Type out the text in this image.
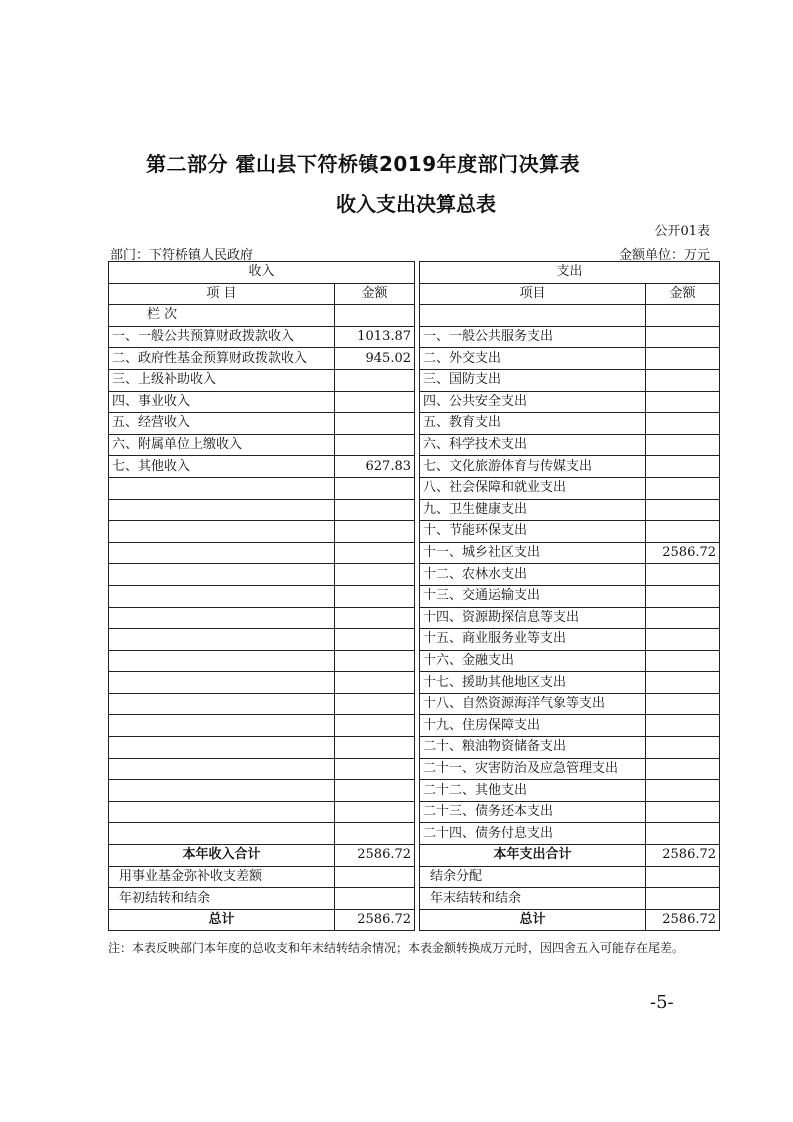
第二部分 霍山县下符桥镇2019年度部门决算表
收入支出决算总表
公开01表
部门：下符桥镇人民政府	金额单位：万元
收入			支出	
项 目	金额		项目	金额
栏 次				
一、一般公共预算财政拨款收入	1013.87		一、一般公共服务支出	
二、政府性基金预算财政拨款收入	945.02		二、外交支出	
三、上级补助收入			三、国防支出	
四、事业收入			四、公共安全支出	
五、经营收入			五、教育支出	
六、附属单位上缴收入			六、科学技术支出	
七、其他收入	627.83		七、文化旅游体育与传媒支出	
			八、社会保障和就业支出	
			九、卫生健康支出	
			十、节能环保支出	
			十一、城乡社区支出	2586.72
			十二、农林水支出	
			十三、交通运输支出	
			十四、资源勘探信息等支出	
			十五、商业服务业等支出	
			十六、金融支出	
			十七、援助其他地区支出	
			十八、自然资源海洋气象等支出	
			十九、住房保障支出	
			二十、粮油物资储备支出	
			二十一、灾害防治及应急管理支出	
			二十二、其他支出	
			二十三、债务还本支出	
			二十四、债务付息支出	
本年收入合计	2586.72		本年支出合计	2586.72
用事业基金弥补收支差额			结余分配	
年初结转和结余			年末结转和结余	
总计	2586.72		总计	2586.72
注：本表反映部门本年度的总收支和年末结转结余情况；本表金额转换成万元时，因四舍五入可能存在尾差。
-5-
